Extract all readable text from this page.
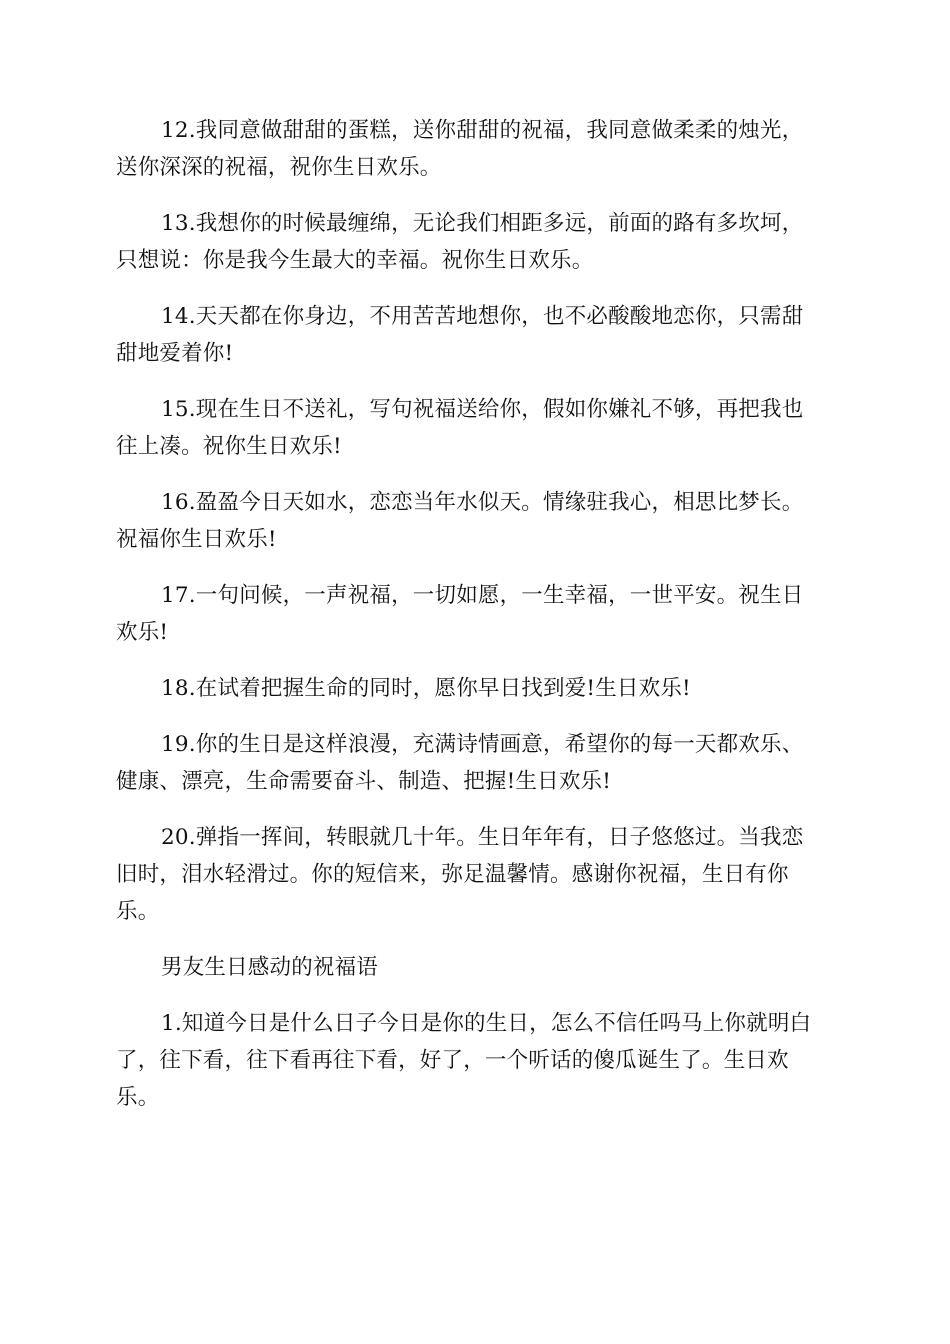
12.我同意做甜甜的蛋糕，送你甜甜的祝福，我同意做柔柔的烛光，
送你深深的祝福，祝你生日欢乐。

13.我想你的时候最缠绵，无论我们相距多远，前面的路有多坎坷，
只想说：你是我今生最大的幸福。祝你生日欢乐。

14.天天都在你身边，不用苦苦地想你，也不必酸酸地恋你，只需甜
甜地爱着你!

15.现在生日不送礼，写句祝福送给你，假如你嫌礼不够，再把我也
往上凑。祝你生日欢乐!

16.盈盈今日天如水，恋恋当年水似天。情缘驻我心，相思比梦长。
祝福你生日欢乐!

17.一句问候，一声祝福，一切如愿，一生幸福，一世平安。祝生日
欢乐!

18.在试着把握生命的同时，愿你早日找到爱!生日欢乐!

19.你的生日是这样浪漫，充满诗情画意，希望你的每一天都欢乐、
健康、漂亮，生命需要奋斗、制造、把握!生日欢乐!

20.弹指一挥间，转眼就几十年。生日年年有，日子悠悠过。当我恋
旧时，泪水轻滑过。你的短信来，弥足温馨情。感谢你祝福，生日有你
乐。

男友生日感动的祝福语

1.知道今日是什么日子今日是你的生日，怎么不信任吗马上你就明白
了，往下看，往下看再往下看，好了，一个听话的傻瓜诞生了。生日欢
乐。
